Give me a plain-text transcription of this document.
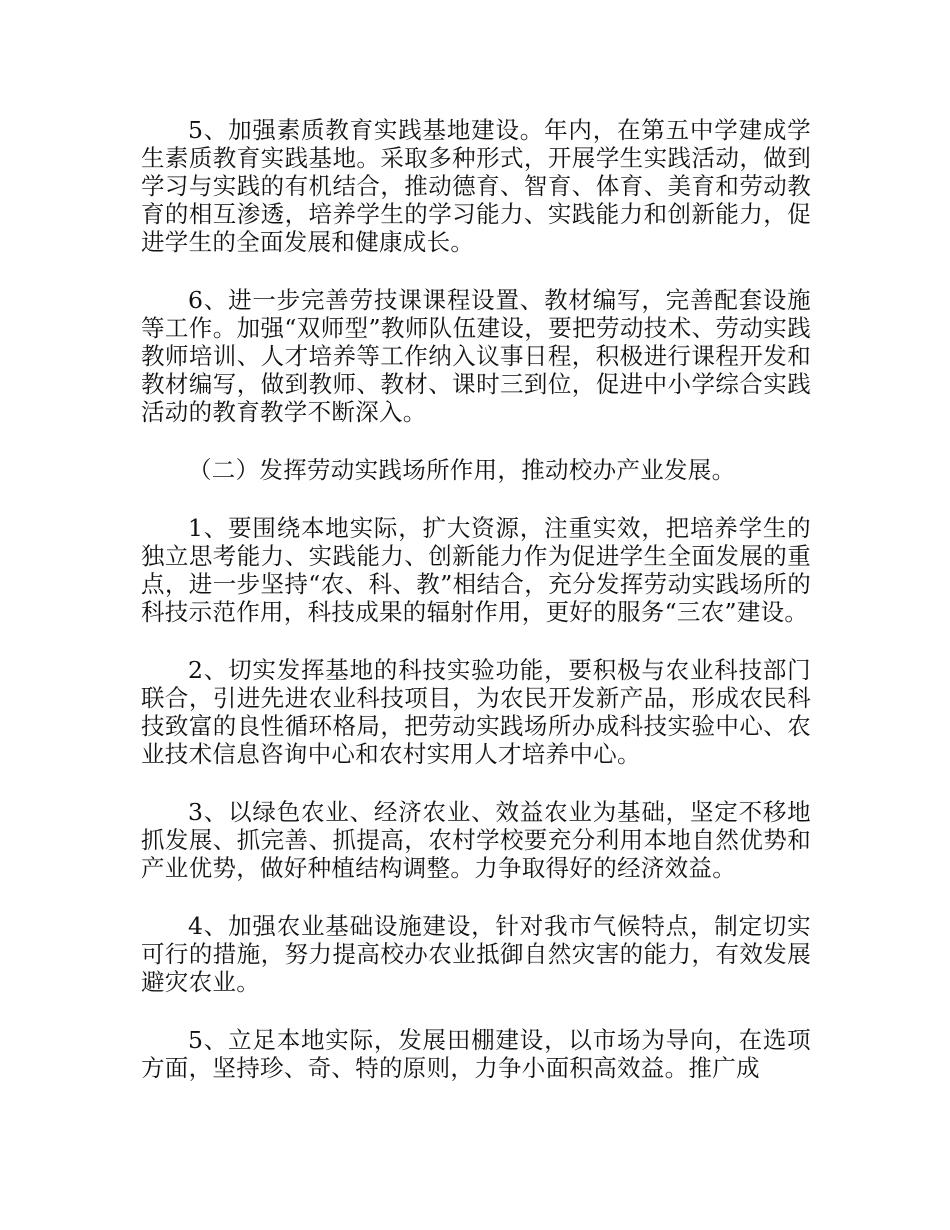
5、加强素质教育实践基地建设。年内，在第五中学建成学生素质教育实践基地。采取多种形式，开展学生实践活动，做到学习与实践的有机结合，推动德育、智育、体育、美育和劳动教育的相互渗透，培养学生的学习能力、实践能力和创新能力，促进学生的全面发展和健康成长。

6、进一步完善劳技课课程设置、教材编写，完善配套设施等工作。加强“双师型”教师队伍建设，要把劳动技术、劳动实践教师培训、人才培养等工作纳入议事日程，积极进行课程开发和教材编写，做到教师、教材、课时三到位，促进中小学综合实践活动的教育教学不断深入。

（二）发挥劳动实践场所作用，推动校办产业发展。

1、要围绕本地实际，扩大资源，注重实效，把培养学生的独立思考能力、实践能力、创新能力作为促进学生全面发展的重点，进一步坚持“农、科、教”相结合，充分发挥劳动实践场所的科技示范作用，科技成果的辐射作用，更好的服务“三农”建设。

2、切实发挥基地的科技实验功能，要积极与农业科技部门联合，引进先进农业科技项目，为农民开发新产品，形成农民科技致富的良性循环格局，把劳动实践场所办成科技实验中心、农业技术信息咨询中心和农村实用人才培养中心。

3、以绿色农业、经济农业、效益农业为基础，坚定不移地抓发展、抓完善、抓提高，农村学校要充分利用本地自然优势和产业优势，做好种植结构调整。力争取得好的经济效益。

4、加强农业基础设施建设，针对我市气候特点，制定切实可行的措施，努力提高校办农业抵御自然灾害的能力，有效发展避灾农业。

5、立足本地实际，发展田棚建设，以市场为导向，在选项方面，坚持珍、奇、特的原则，力争小面积高效益。推广成
